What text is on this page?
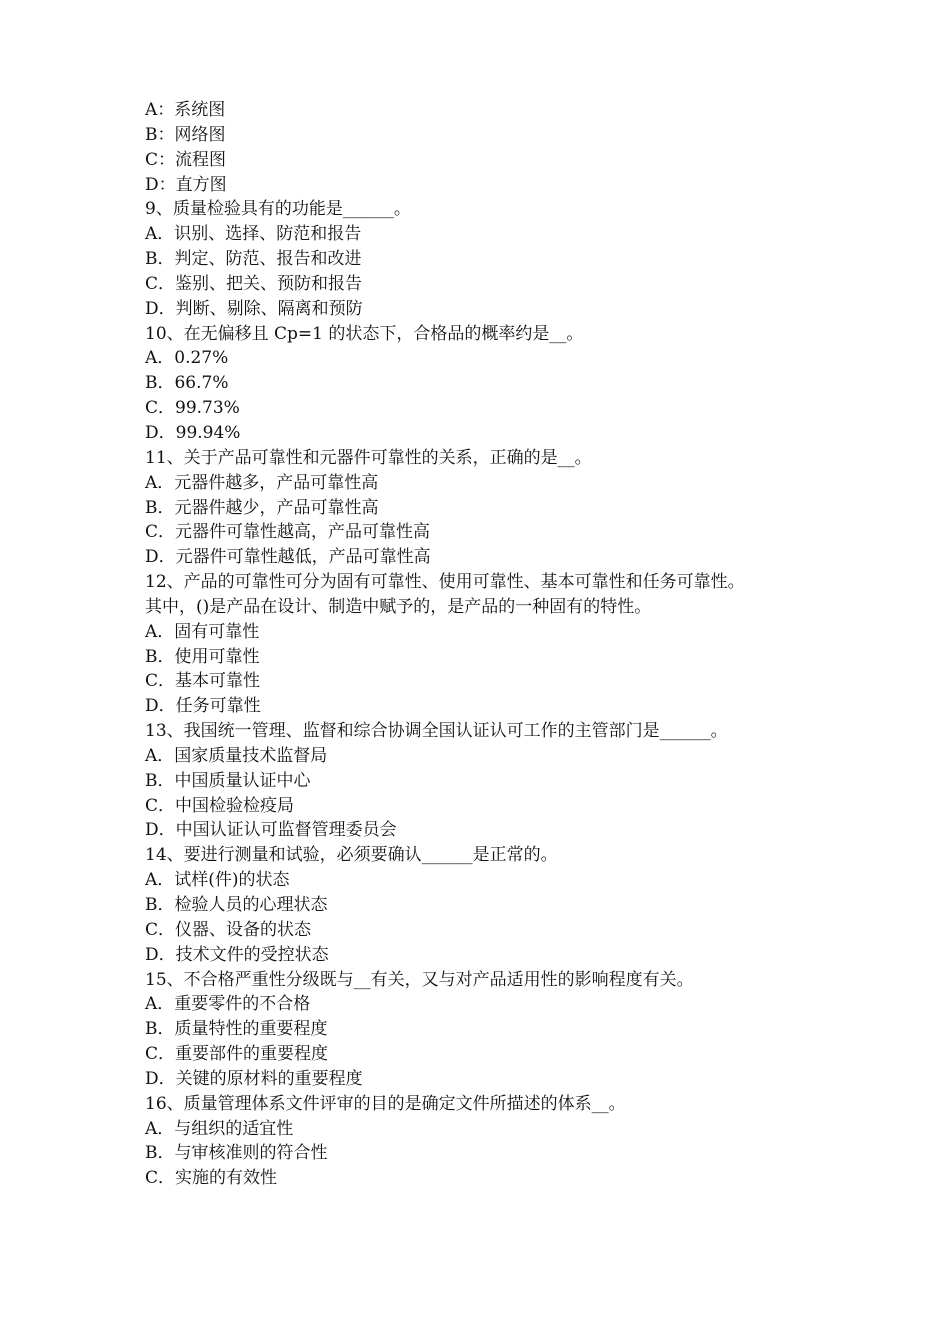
A：系统图
B：网络图
C：流程图
D：直方图
9、质量检验具有的功能是______。
A．识别、选择、防范和报告
B．判定、防范、报告和改进
C．鉴别、把关、预防和报告
D．判断、剔除、隔离和预防
10、在无偏移且 Cp=1 的状态下，合格品的概率约是__。
A．0.27%
B．66.7%
C．99.73%
D．99.94%
11、关于产品可靠性和元器件可靠性的关系，正确的是__。
A．元器件越多，产品可靠性高
B．元器件越少，产品可靠性高
C．元器件可靠性越高，产品可靠性高
D．元器件可靠性越低，产品可靠性高
12、产品的可靠性可分为固有可靠性、使用可靠性、基本可靠性和任务可靠性。
其中，()是产品在设计、制造中赋予的，是产品的一种固有的特性。
A．固有可靠性
B．使用可靠性
C．基本可靠性
D．任务可靠性
13、我国统一管理、监督和综合协调全国认证认可工作的主管部门是______。
A．国家质量技术监督局
B．中国质量认证中心
C．中国检验检疫局
D．中国认证认可监督管理委员会
14、要进行测量和试验，必须要确认______是正常的。
A．试样(件)的状态
B．检验人员的心理状态
C．仪器、设备的状态
D．技术文件的受控状态
15、不合格严重性分级既与__有关，又与对产品适用性的影响程度有关。
A．重要零件的不合格
B．质量特性的重要程度
C．重要部件的重要程度
D．关键的原材料的重要程度
16、质量管理体系文件评审的目的是确定文件所描述的体系__。
A．与组织的适宜性
B．与审核准则的符合性
C．实施的有效性
